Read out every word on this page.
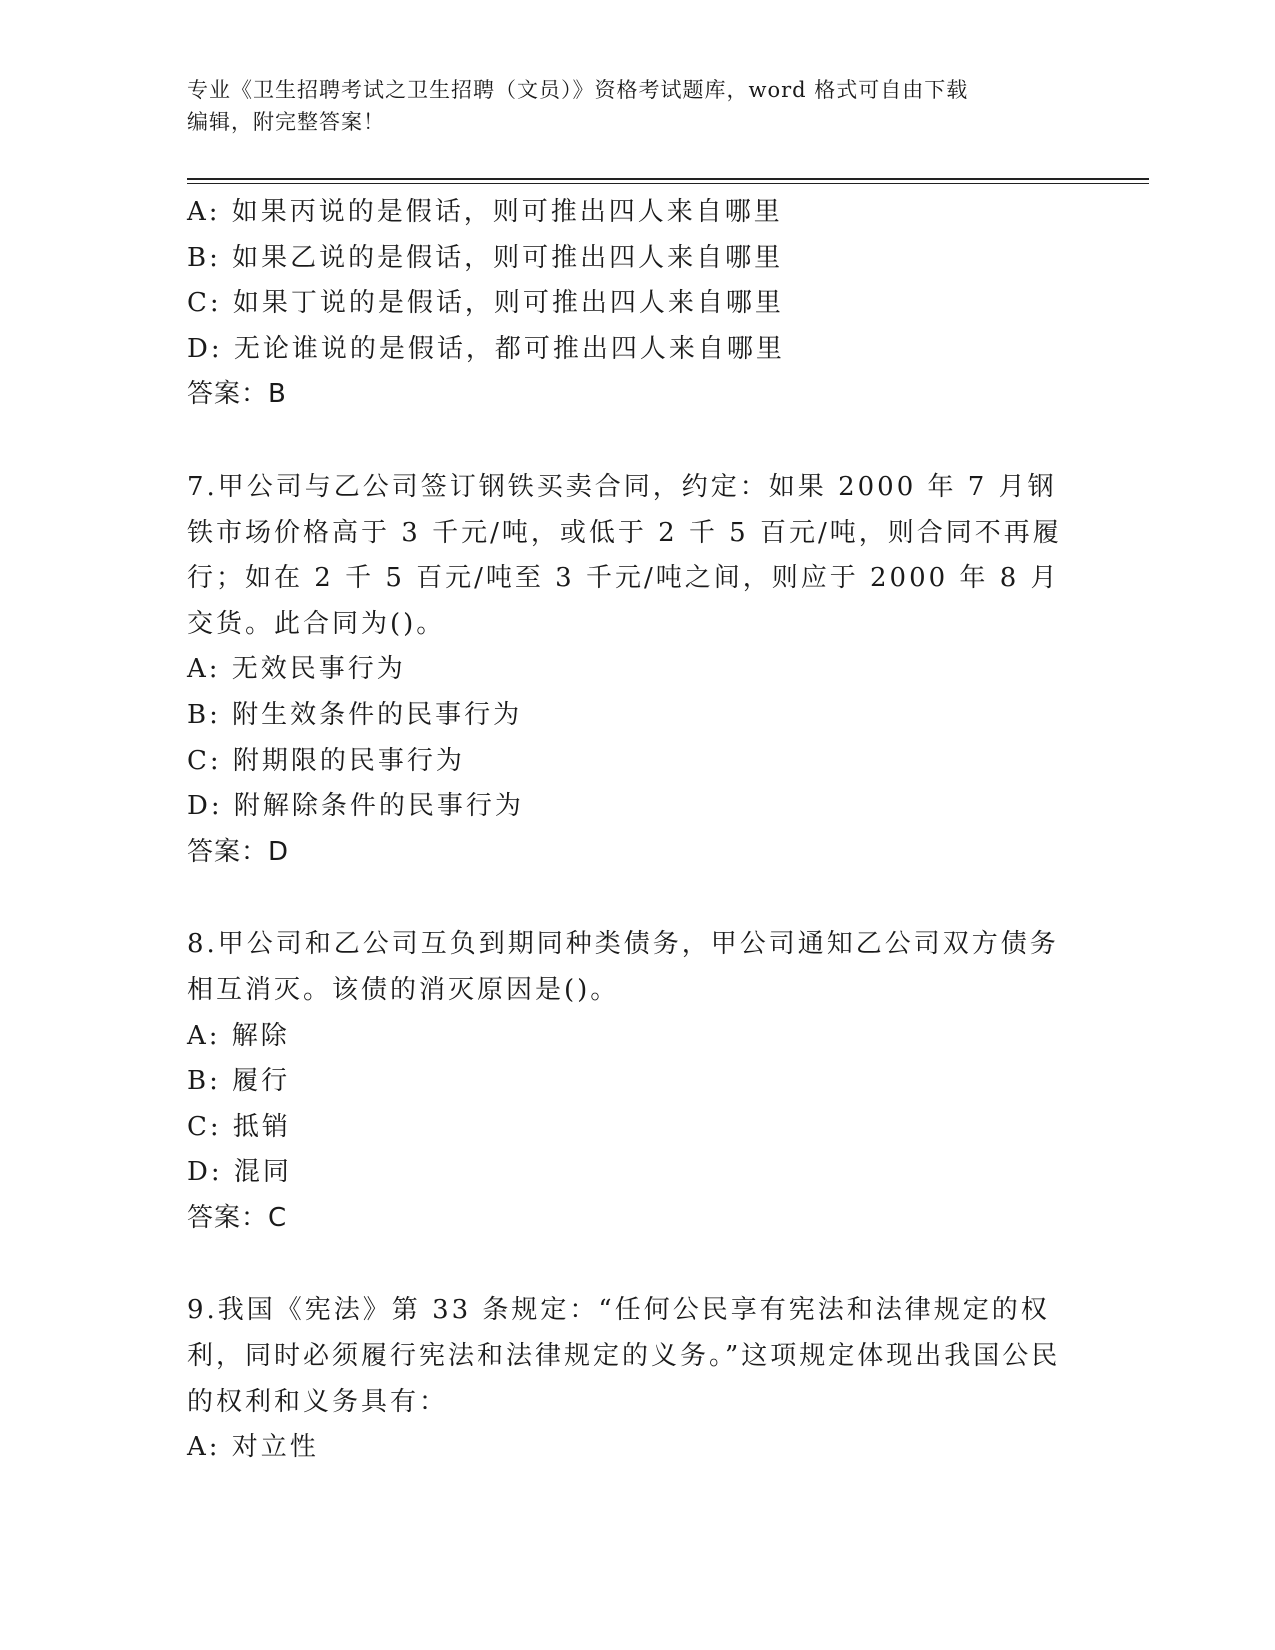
专业《卫生招聘考试之卫生招聘（文员）》资格考试题库，word 格式可自由下载
编辑，附完整答案！
A: 如果丙说的是假话，则可推出四人来自哪里
B: 如果乙说的是假话，则可推出四人来自哪里
C: 如果丁说的是假话，则可推出四人来自哪里
D: 无论谁说的是假话，都可推出四人来自哪里
答案：B
7.甲公司与乙公司签订钢铁买卖合同，约定：如果 2000 年 7 月钢铁市场价格高于 3 千元/吨，或低于 2 千 5 百元/吨，则合同不再履行；如在 2 千 5 百元/吨至 3 千元/吨之间，则应于 2000 年 8 月交货。此合同为()。
A: 无效民事行为
B: 附生效条件的民事行为
C: 附期限的民事行为
D: 附解除条件的民事行为
答案：D
8.甲公司和乙公司互负到期同种类债务，甲公司通知乙公司双方债务相互消灭。该债的消灭原因是()。
A: 解除
B: 履行
C: 抵销
D: 混同
答案：C
9.我国《宪法》第 33 条规定：“任何公民享有宪法和法律规定的权利，同时必须履行宪法和法律规定的义务。”这项规定体现出我国公民的权利和义务具有：
A: 对立性
